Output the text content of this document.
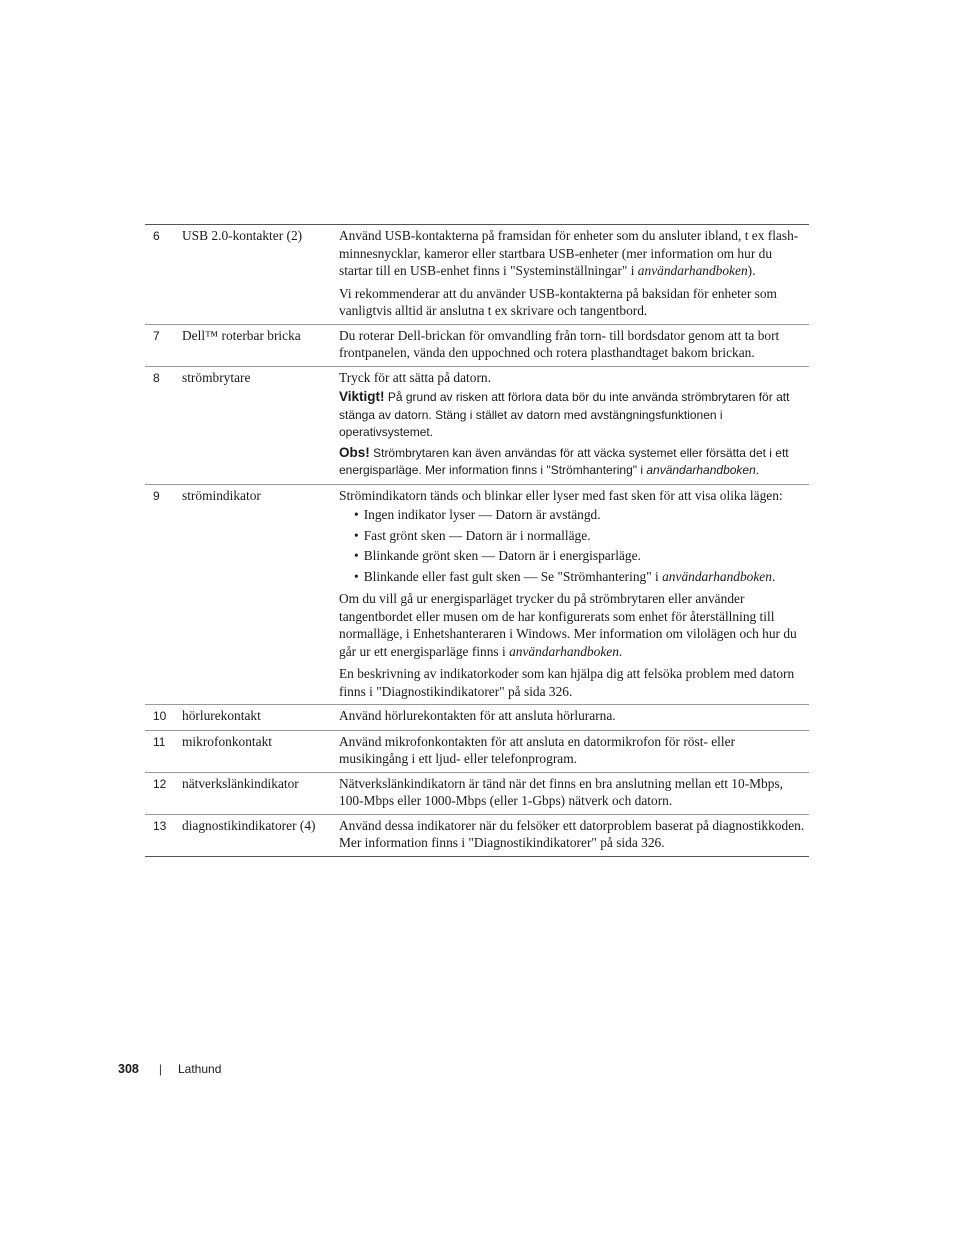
6	USB 2.0-kontakter (2)	Använd USB-kontakterna på framsidan för enheter som du ansluter ibland, t ex flash-minnesnycklar, kameror eller startbara USB-enheter (mer information om hur du startar till en USB-enhet finns i "Systeminställningar" i användarhandboken).

Vi rekommenderar att du använder USB-kontakterna på baksidan för enheter som vanligtvis alltid är anslutna t ex skrivare och tangentbord.

7	Dell™ roterbar bricka	Du roterar Dell-brickan för omvandling från torn- till bordsdator genom att ta bort frontpanelen, vända den uppochned och rotera plasthandtaget bakom brickan.

8	strömbrytare	Tryck för att sätta på datorn.

Viktigt! På grund av risken att förlora data bör du inte använda strömbrytaren för att stänga av datorn. Stäng i stället av datorn med avstängningsfunktionen i operativsystemet.
Obs! Strömbrytaren kan även användas för att väcka systemet eller försätta det i ett energisparläge. Mer information finns i "Strömhantering" i användarhandboken.
9	strömindikator	Strömindikatorn tänds och blinkar eller lyser med fast sken för att visa olika lägen:

• Ingen indikator lyser — Datorn är avstängd.
• Fast grönt sken — Datorn är i normalläge.
• Blinkande grönt sken — Datorn är i energisparläge.
• Blinkande eller fast gult sken — Se "Strömhantering" i användarhandboken.

Om du vill gå ur energisparläget trycker du på strömbrytaren eller använder tangentbordet eller musen om de har konfigurerats som enhet för återställning till normalläge, i Enhetshanteraren i Windows. Mer information om vilolägen och hur du går ur ett energisparläge finns i användarhandboken.

En beskrivning av indikatorkoder som kan hjälpa dig att felsöka problem med datorn finns i "Diagnostikindikatorer" på sida 326.

10	hörlurekontakt	Använd hörlurekontakten för att ansluta hörlurarna.

11	mikrofonkontakt	Använd mikrofonkontakten för att ansluta en datormikrofon för röst- eller musikingång i ett ljud- eller telefonprogram.

12	nätverkslänkindikator	Nätverkslänkindikatorn är tänd när det finns en bra anslutning mellan ett 10-Mbps, 100-Mbps eller 1000-Mbps (eller 1-Gbps) nätverk och datorn.

13	diagnostikindikatorer (4)	Använd dessa indikatorer när du felsöker ett datorproblem baserat på diagnostikkoden. Mer information finns i "Diagnostikindikatorer" på sida 326.

308 | Lathund
